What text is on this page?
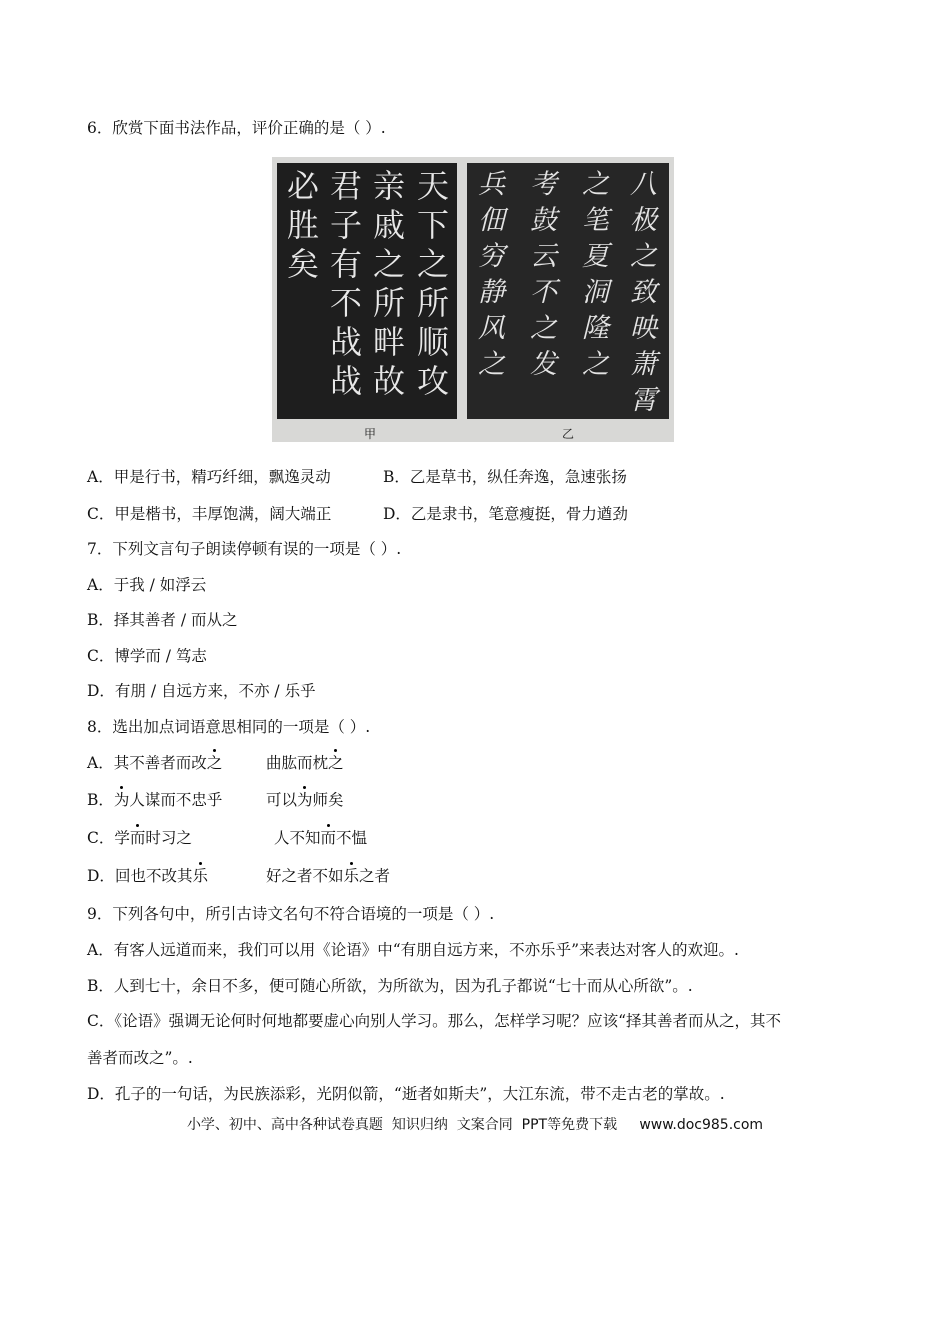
6．欣赏下面书法作品，评价正确的是（ ）.
天
下
之
所
顺
攻
亲
戚
之
所
畔
故
君
子
有
不
战
战
必
胜
矣
八
极
之
致
映
萧
霄
之
笔
夏
洞
隆
之
考
鼓
云
不
之
发
兵
佃
穷
静
风
之
甲	乙
A．甲是行书，精巧纤细，飘逸灵动	B．乙是草书，纵任奔逸，急速张扬
C．甲是楷书，丰厚饱满，阔大端正	D．乙是隶书，笔意瘦挺，骨力遒劲
7．下列文言句子朗读停顿有误的一项是（ ）.
A．于我 / 如浮云
B．择其善者 / 而从之
C．博学而 / 笃志
D．有朋 / 自远方来，不亦 / 乐乎
8．选出加点词语意思相同的一项是（ ）.
A．其不善者而改之	曲肱而枕之
B．为人谋而不忠乎	可以为师矣
C．学而时习之	人不知而不愠
D．回也不改其乐	好之者不如乐之者
9．下列各句中，所引古诗文名句不符合语境的一项是（ ）.
A．有客人远道而来，我们可以用《论语》中“有朋自远方来，不亦乐乎”来表达对客人的欢迎。.
B．人到七十，余日不多，便可随心所欲，为所欲为，因为孔子都说“七十而从心所欲”。.
C．《论语》强调无论何时何地都要虚心向别人学习。那么，怎样学习呢？应该“择其善者而从之，其不
善者而改之”。.
D．孔子的一句话，为民族添彩，光阴似箭，“逝者如斯夫”，大江东流，带不走古老的掌故。.
小学、初中、高中各种试卷真题  知识归纳  文案合同  PPT等免费下载     www.doc985.com
